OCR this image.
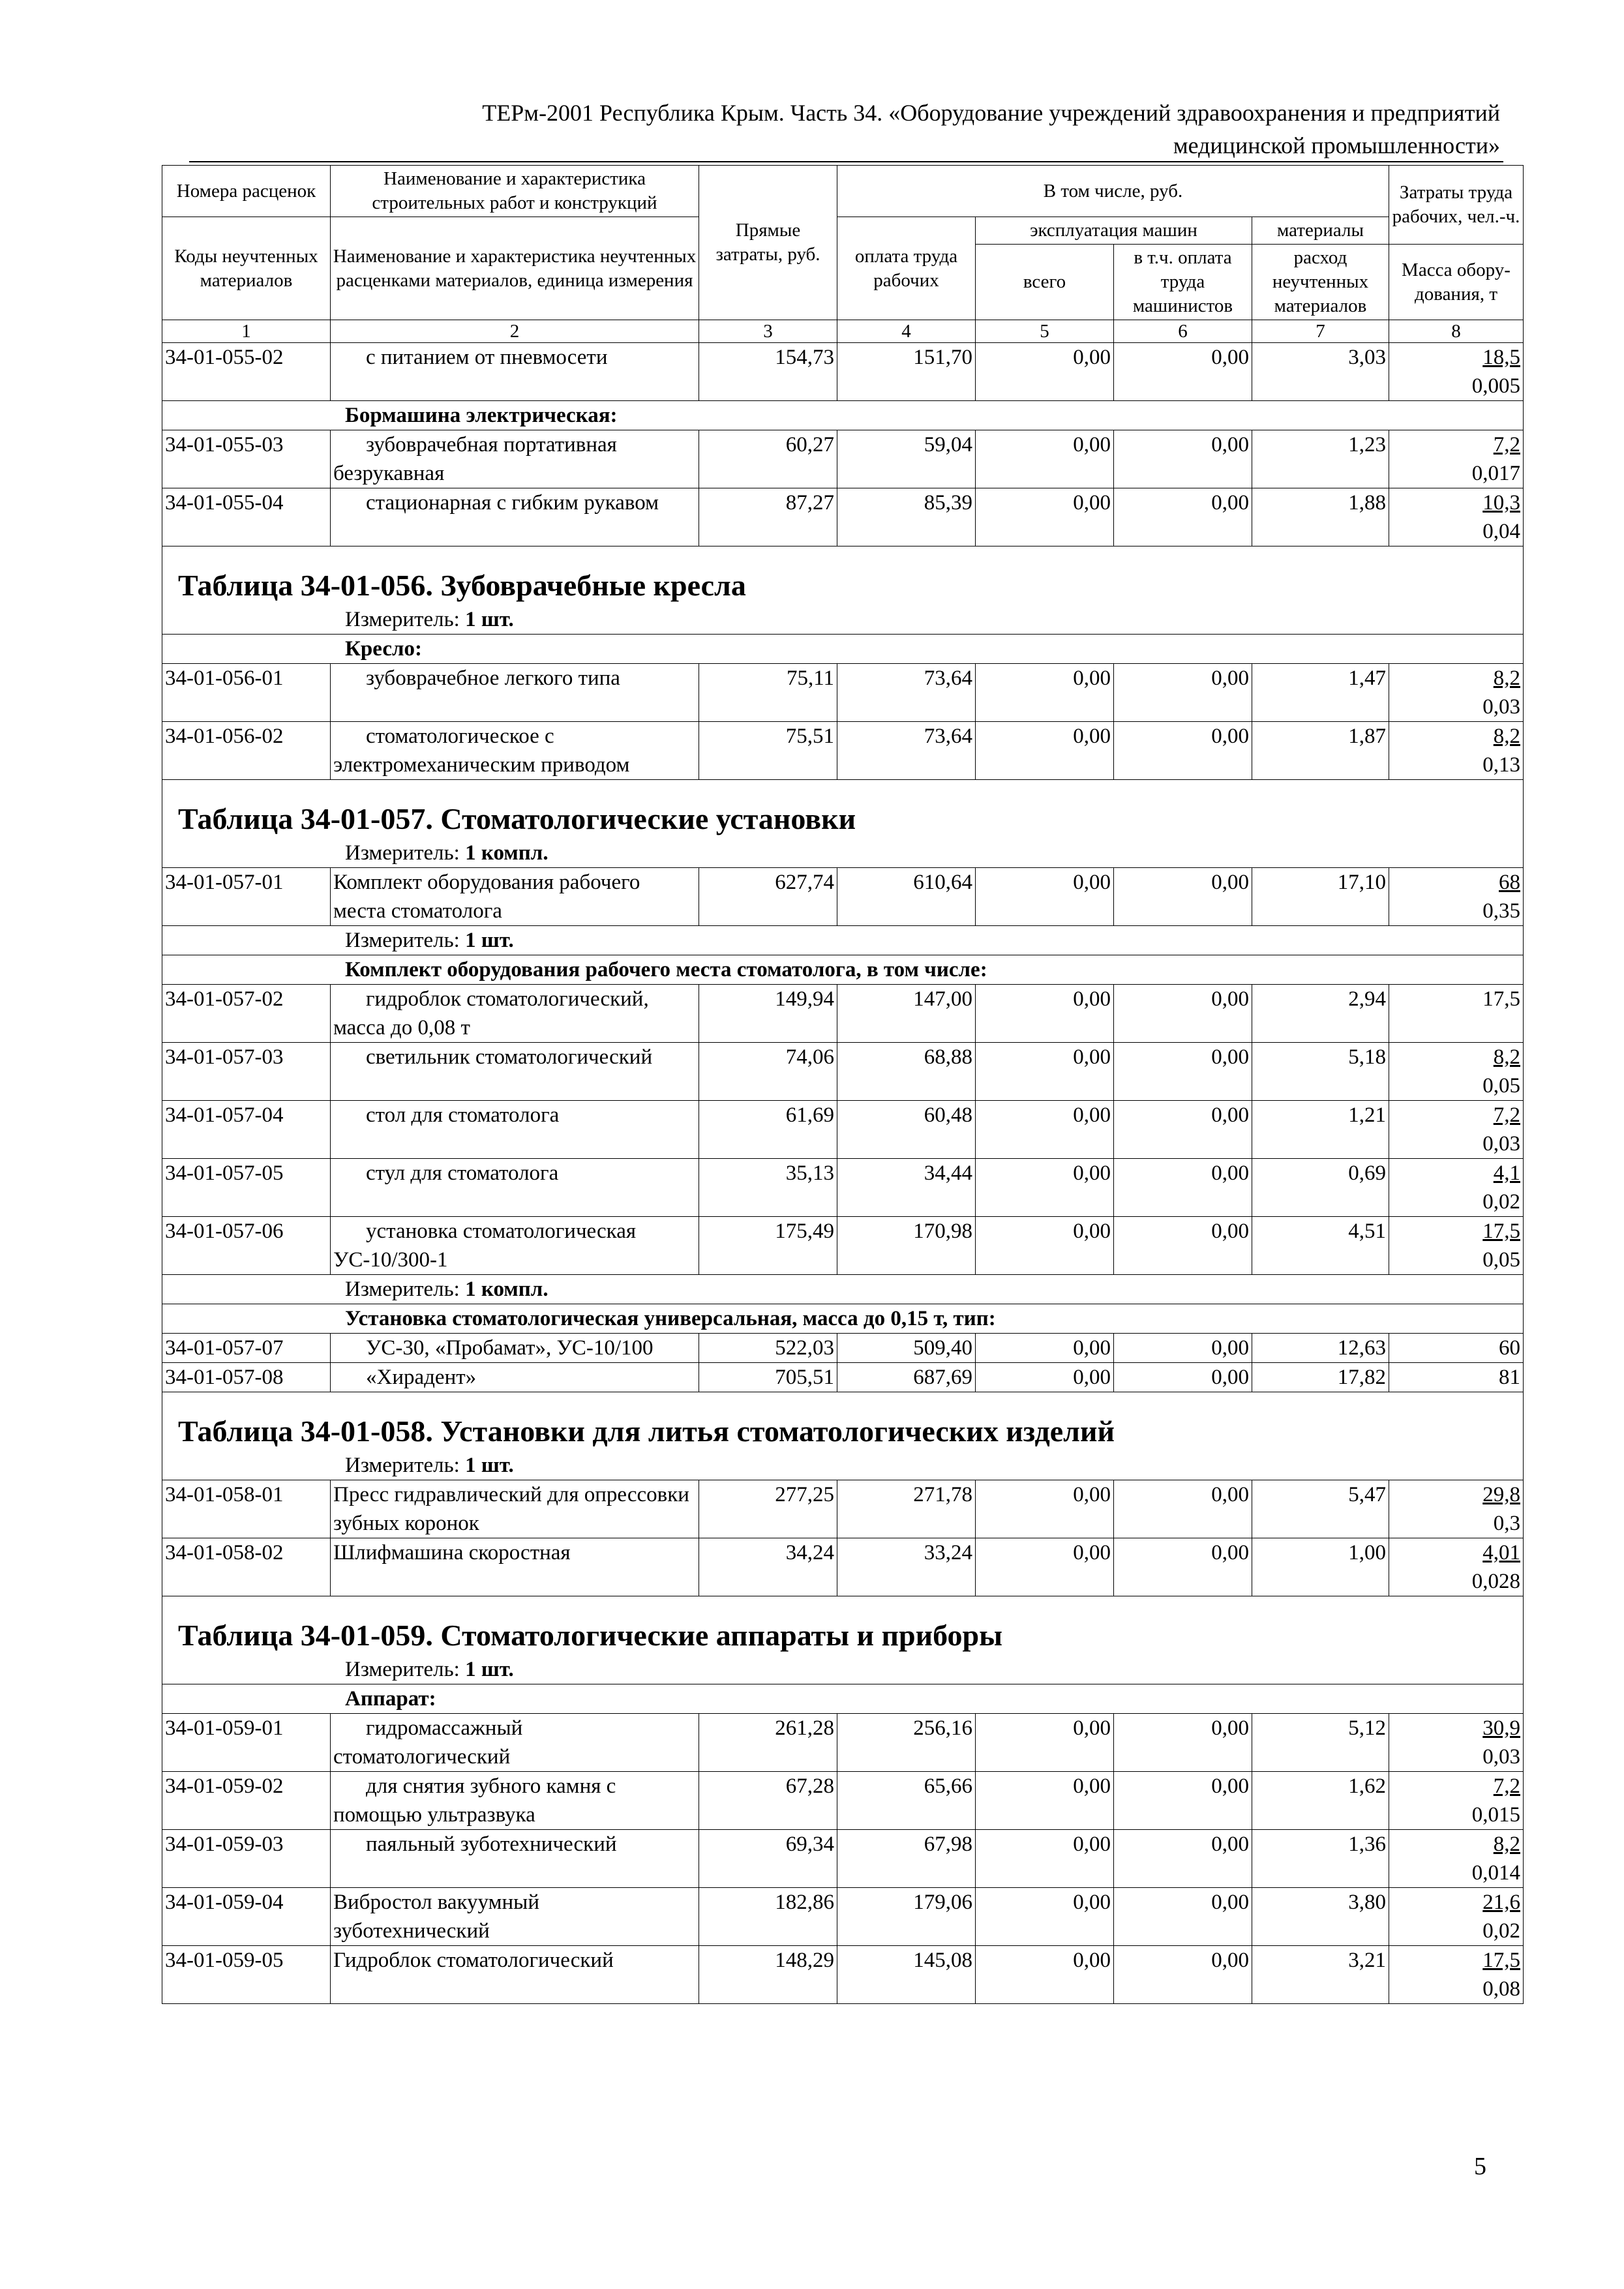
ТЕРм-2001 Республика Крым. Часть 34. «Оборудование учреждений здравоохранения и предприятий
медицинской промышленности»
Номера расценок	Наименование и характеристика строительных работ и конструкций	Прямые затраты, руб.	В том числе, руб.				Затраты труда рабочих, чел.-ч.
Коды неучтенных материалов	Наименование и характеристика неучтенных расценками материалов, единица измерения		оплата труда рабочих	эксплуатация машин		материалы	
				всего	в т.ч. оплата труда машинистов	расход неучтенных материалов	Масса обору-дования, т
1	2	3	4	5	6	7	8
34-01-055-02	с питанием от пневмосети	154,73	151,70	0,00	0,00	3,03	18,5
0,005

Бормашина электрическая:							
34-01-055-03	зубоврачебная портативная безрукавная	60,27	59,04	0,00	0,00	1,23	7,2
0,017

34-01-055-04	стационарная с гибким рукавом	87,27	85,39	0,00	0,00	1,88	10,3
0,04

Таблица 34-01-056. Зубоврачебные кресла							
Измеритель: 1 шт.							
Кресло:							
34-01-056-01	зубоврачебное легкого типа	75,11	73,64	0,00	0,00	1,47	8,2
0,03

34-01-056-02	стоматологическое с электромеханическим приводом	75,51	73,64	0,00	0,00	1,87	8,2
0,13

Таблица 34-01-057. Стоматологические установки							
Измеритель: 1 компл.							
34-01-057-01	Комплект оборудования рабочего места стоматолога	627,74	610,64	0,00	0,00	17,10	68
0,35

Измеритель: 1 шт.							
Комплект оборудования рабочего места стоматолога, в том числе:							
34-01-057-02	гидроблок стоматологический, масса до 0,08 т	149,94	147,00	0,00	0,00	2,94	17,5

34-01-057-03	светильник стоматологический	74,06	68,88	0,00	0,00	5,18	8,2
0,05

34-01-057-04	стол для стоматолога	61,69	60,48	0,00	0,00	1,21	7,2
0,03

34-01-057-05	стул для стоматолога	35,13	34,44	0,00	0,00	0,69	4,1
0,02

34-01-057-06	установка стоматологическая УС-10/300-1	175,49	170,98	0,00	0,00	4,51	17,5
0,05

Измеритель: 1 компл.							
Установка стоматологическая универсальная, масса до 0,15 т, тип:							
34-01-057-07	УС-30, «Пробамат», УС-10/100	522,03	509,40	0,00	0,00	12,63	60

34-01-057-08	«Хирадент»	705,51	687,69	0,00	0,00	17,82	81

Таблица 34-01-058. Установки для литья стоматологических изделий							
Измеритель: 1 шт.							
34-01-058-01	Пресс гидравлический для опрессовки зубных коронок	277,25	271,78	0,00	0,00	5,47	29,8
0,3

34-01-058-02	Шлифмашина скоростная	34,24	33,24	0,00	0,00	1,00	4,01
0,028

Таблица 34-01-059. Стоматологические аппараты и приборы							
Измеритель: 1 шт.							
Аппарат:							
34-01-059-01	гидромассажный стоматологический	261,28	256,16	0,00	0,00	5,12	30,9
0,03

34-01-059-02	для снятия зубного камня с помощью ультразвука	67,28	65,66	0,00	0,00	1,62	7,2
0,015

34-01-059-03	паяльный зуботехнический	69,34	67,98	0,00	0,00	1,36	8,2
0,014

34-01-059-04	Вибростол вакуумный зуботехнический	182,86	179,06	0,00	0,00	3,80	21,6
0,02

34-01-059-05	Гидроблок стоматологический	148,29	145,08	0,00	0,00	3,21	17,5
0,08
5
